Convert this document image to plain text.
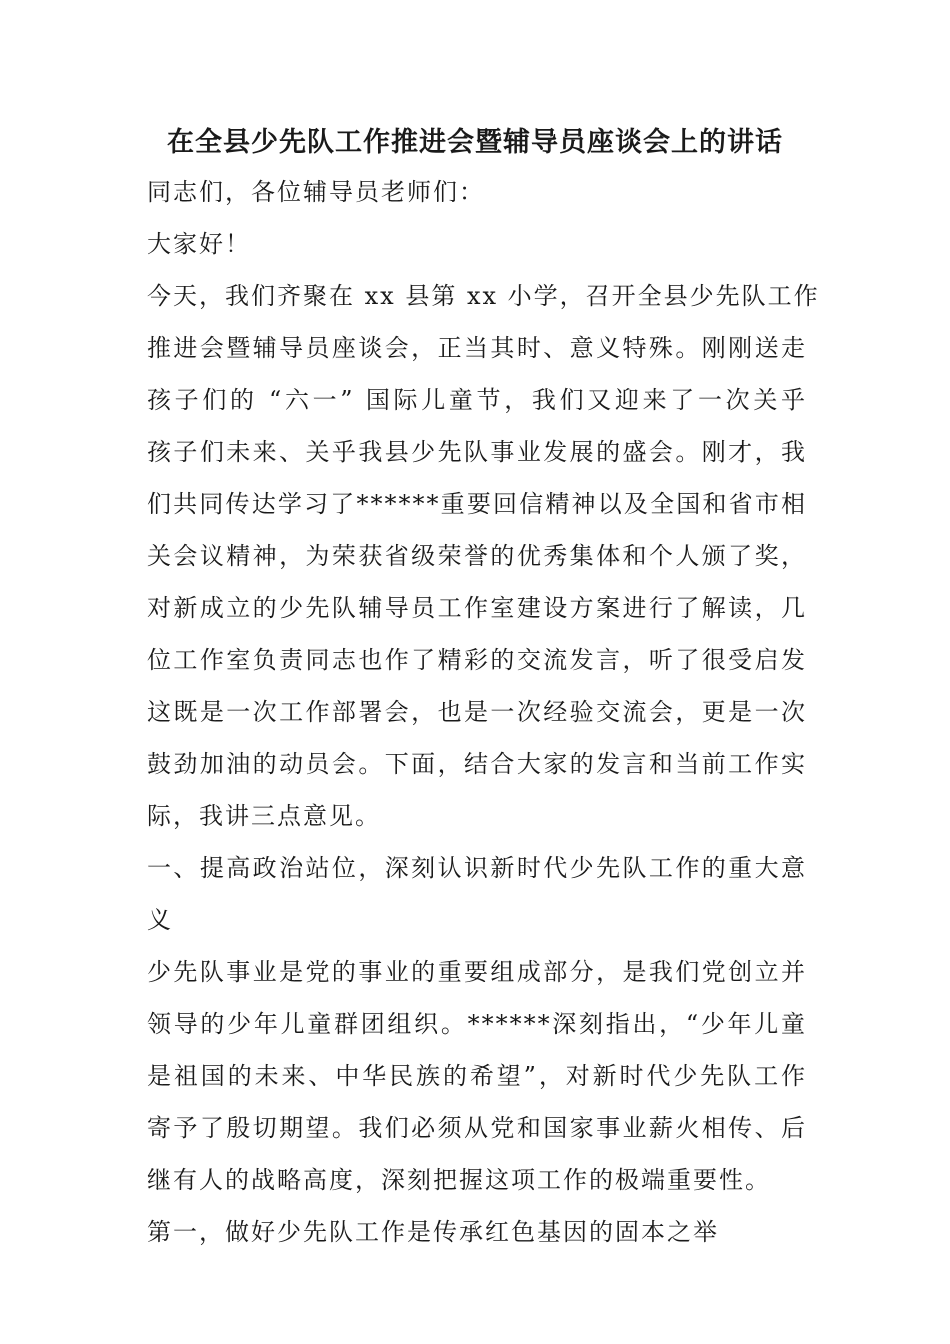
在全县少先队工作推进会暨辅导员座谈会上的讲话
同志们，各位辅导员老师们：
大家好！
今天，我们齐聚在 xx 县第 xx 小学，召开全县少先队工作
推进会暨辅导员座谈会，正当其时、意义特殊。刚刚送走
孩子们的 “六一” 国际儿童节，我们又迎来了一次关乎
孩子们未来、关乎我县少先队事业发展的盛会。刚才，我
们共同传达学习了******重要回信精神以及全国和省市相
关会议精神，为荣获省级荣誉的优秀集体和个人颁了奖，
对新成立的少先队辅导员工作室建设方案进行了解读，几
位工作室负责同志也作了精彩的交流发言，听了很受启发
这既是一次工作部署会，也是一次经验交流会，更是一次
鼓劲加油的动员会。下面，结合大家的发言和当前工作实
际，我讲三点意见。
一、提高政治站位，深刻认识新时代少先队工作的重大意
义
少先队事业是党的事业的重要组成部分，是我们党创立并
领导的少年儿童群团组织。******深刻指出，“少年儿童
是祖国的未来、中华民族的希望”，对新时代少先队工作
寄予了殷切期望。我们必须从党和国家事业薪火相传、后
继有人的战略高度，深刻把握这项工作的极端重要性。
第一，做好少先队工作是传承红色基因的固本之举
